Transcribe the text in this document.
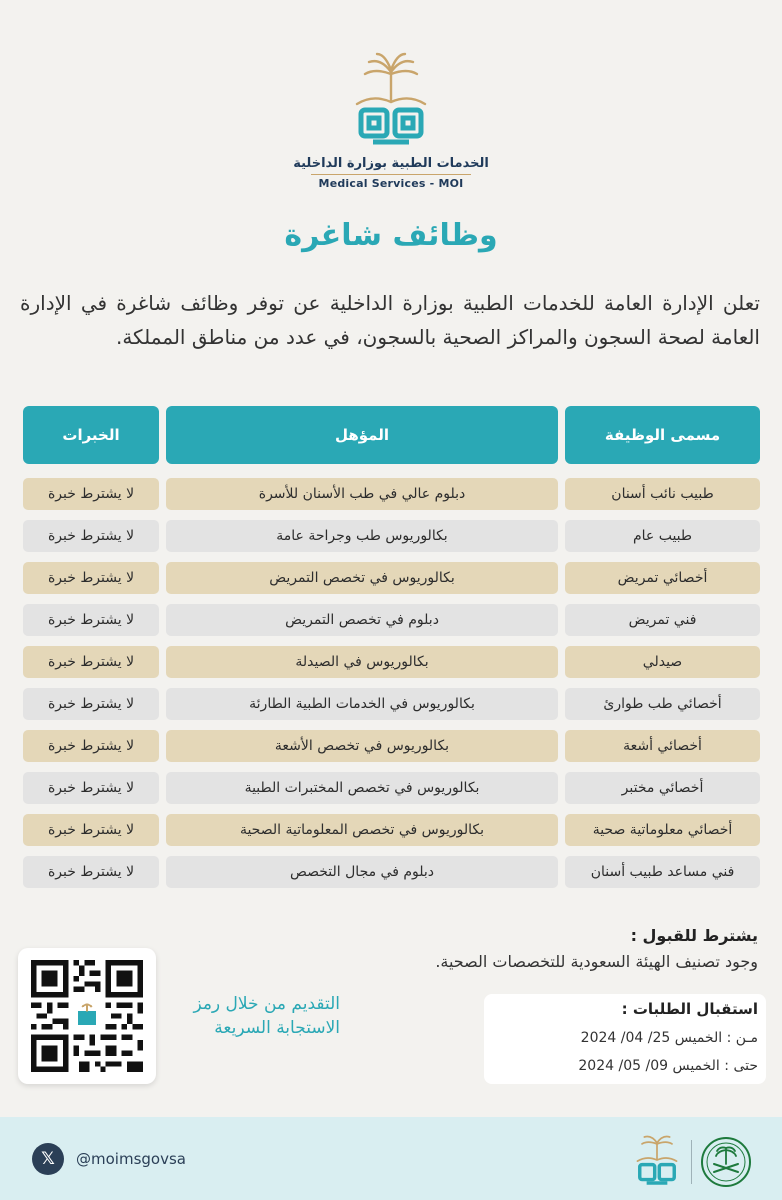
الخدمات الطبية بوزارة الداخلية
Medical Services - MOI
وظائف شاغرة
تعلن الإدارة العامة للخدمات الطبية بوزارة الداخلية عن توفر وظائف شاغرة في الإدارة العامة لصحة السجون والمراكز الصحية بالسجون، في عدد من مناطق المملكة.
مسمى الوظيفة
المؤهل
الخبرات
طبيب نائب أسنان
دبلوم عالي في طب الأسنان للأسرة
لا يشترط خبرة
طبيب عام
بكالوريوس طب وجراحة عامة
لا يشترط خبرة
أخصائي تمريض
بكالوريوس في تخصص التمريض
لا يشترط خبرة
فني تمريض
دبلوم في تخصص التمريض
لا يشترط خبرة
صيدلي
بكالوريوس في الصيدلة
لا يشترط خبرة
أخصائي طب طوارئ
بكالوريوس في الخدمات الطبية الطارئة
لا يشترط خبرة
أخصائي أشعة
بكالوريوس في تخصص الأشعة
لا يشترط خبرة
أخصائي مختبر
بكالوريوس في تخصص المختبرات الطبية
لا يشترط خبرة
أخصائي معلوماتية صحية
بكالوريوس في تخصص المعلوماتية الصحية
لا يشترط خبرة
فني مساعد طبيب أسنان
دبلوم في مجال التخصص
لا يشترط خبرة
يشترط للقبول :
وجود تصنيف الهيئة السعودية للتخصصات الصحية.
التقديم من خلال رمز
الاستجابة السريعة
استقبال الطلبات :
مـن : الخميس 25/ 04/ 2024
حتى : الخميس 09/ 05/ 2024
𝕏	@moimsgovsa
